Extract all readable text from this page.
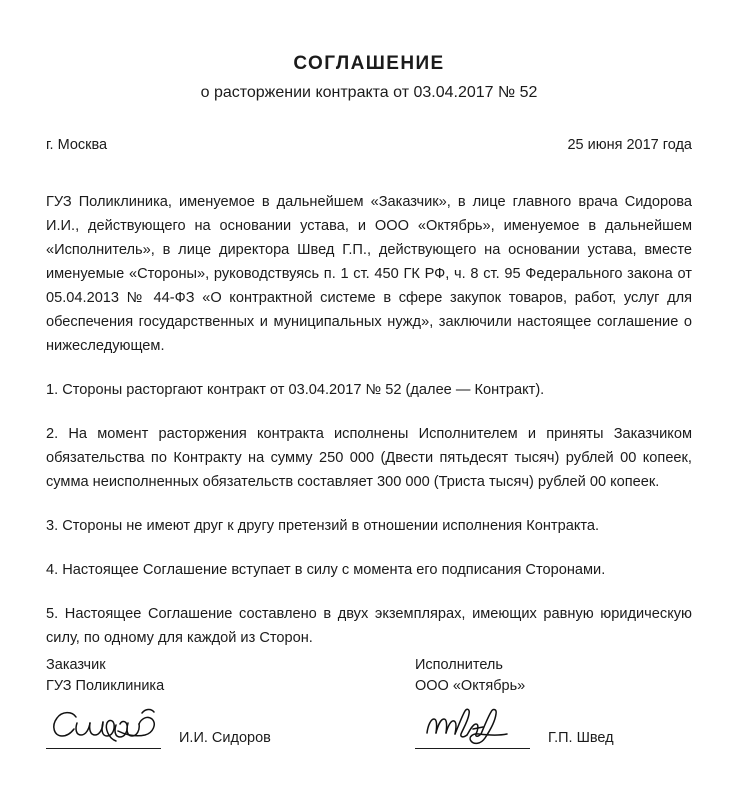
СОГЛАШЕНИЕ
о расторжении контракта от 03.04.2017 № 52
г. Москва	25 июня 2017 года

ГУЗ Поликлиника, именуемое в дальнейшем «Заказчик», в лице главного врача Сидорова И.И., действующего на основании устава, и ООО «Октябрь», именуемое в дальнейшем «Исполнитель», в лице директора Швед Г.П., действующего на основании устава, вместе именуемые «Стороны», руководствуясь п. 1 ст. 450 ГК РФ, ч. 8 ст. 95 Федерального закона от 05.04.2013 № 44-ФЗ «О контрактной системе в сфере закупок товаров, работ, услуг для обеспечения государственных и муниципальных нужд», заключили настоящее соглашение о нижеследующем.

1. Стороны расторгают контракт от 03.04.2017 № 52 (далее — Контракт).

2. На момент расторжения контракта исполнены Исполнителем и приняты Заказчиком обязательства по Контракту на сумму 250 000 (Двести пятьдесят тысяч) рублей 00 копеек, сумма неисполненных обязательств составляет 300 000 (Триста тысяч) рублей 00 копеек.

3. Стороны не имеют друг к другу претензий в отношении исполнения Контракта.

4. Настоящее Соглашение вступает в силу с момента его подписания Сторонами.

5. Настоящее Соглашение составлено в двух экземплярах, имеющих равную юридическую силу, по одному для каждой из Сторон.

Заказчик
ГУЗ Поликлиника
И.И. Сидоров
Исполнитель
ООО «Октябрь»
Г.П. Швед
